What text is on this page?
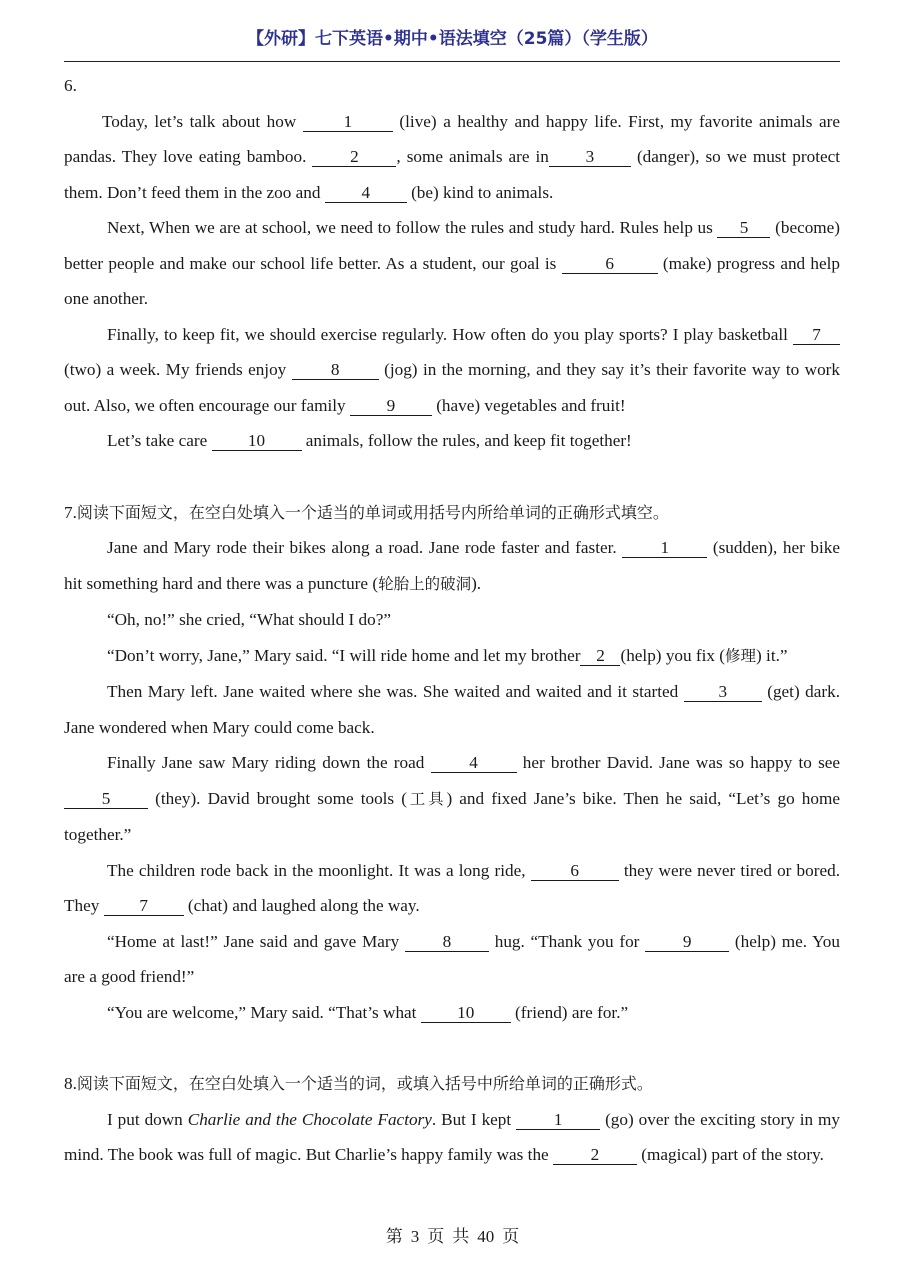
【外研】七下英语•期中•语法填空（25篇）（学生版）
6.

Today, let’s talk about how	1	(live) a healthy and happy life. First, my favorite animals are pandas. They love eating bamboo.	2 , some animals are in 3 (danger), so we must protect them. Don’t feed them in the zoo and 4 (be) kind to animals.

Next, When we are at school, we need to follow the rules and study hard. Rules help us 5 (become) better people and make our school life better. As a student, our goal is	6	(make) progress and help one another.

Finally, to keep fit, we should exercise regularly. How often do you play sports? I play basketball 7 (two) a week. My friends enjoy	8	(jog) in the morning, and they say it’s their favorite way to work out. Also, we often encourage our family 9 (have) vegetables and fruit!

Let’s take care 10 animals, follow the rules, and keep fit together!

7.阅读下面短文，在空白处填入一个适当的单词或用括号内所给单词的正确形式填空。

Jane and Mary rode their bikes along a road. Jane rode faster and faster.	1	(sudden), her bike hit something hard and there was a puncture (轮胎上的破洞).

“Oh, no!” she cried, “What should I do?”

“Don’t worry, Jane,” Mary said. “I will ride home and let my brother 2 (help) you fix (修理) it.”

Then Mary left. Jane waited where she was. She waited and waited and it started 3 (get) dark. Jane wondered when Mary could come back.

Finally Jane saw Mary riding down the road	4	her brother David. Jane was so happy to see 5	(they). David brought some tools (工具) and fixed Jane’s bike. Then he said, “Let’s go home together.”

The children rode back in the moonlight. It was a long ride,	6	they were never tired or bored. They 7 (chat) and laughed along the way.

“Home at last!” Jane said and gave Mary	8	hug. “Thank you for	9	(help) me. You are a good friend!”

“You are welcome,” Mary said. “That’s what 10 (friend) are for.”

8.阅读下面短文，在空白处填入一个适当的词，或填入括号中所给单词的正确形式。

I put down Charlie and the Chocolate Factory. But I kept 1 (go) over the exciting story in my mind. The book was full of magic. But Charlie’s happy family was the 2 (magical) part of the story.

第 3 页 共 40 页
